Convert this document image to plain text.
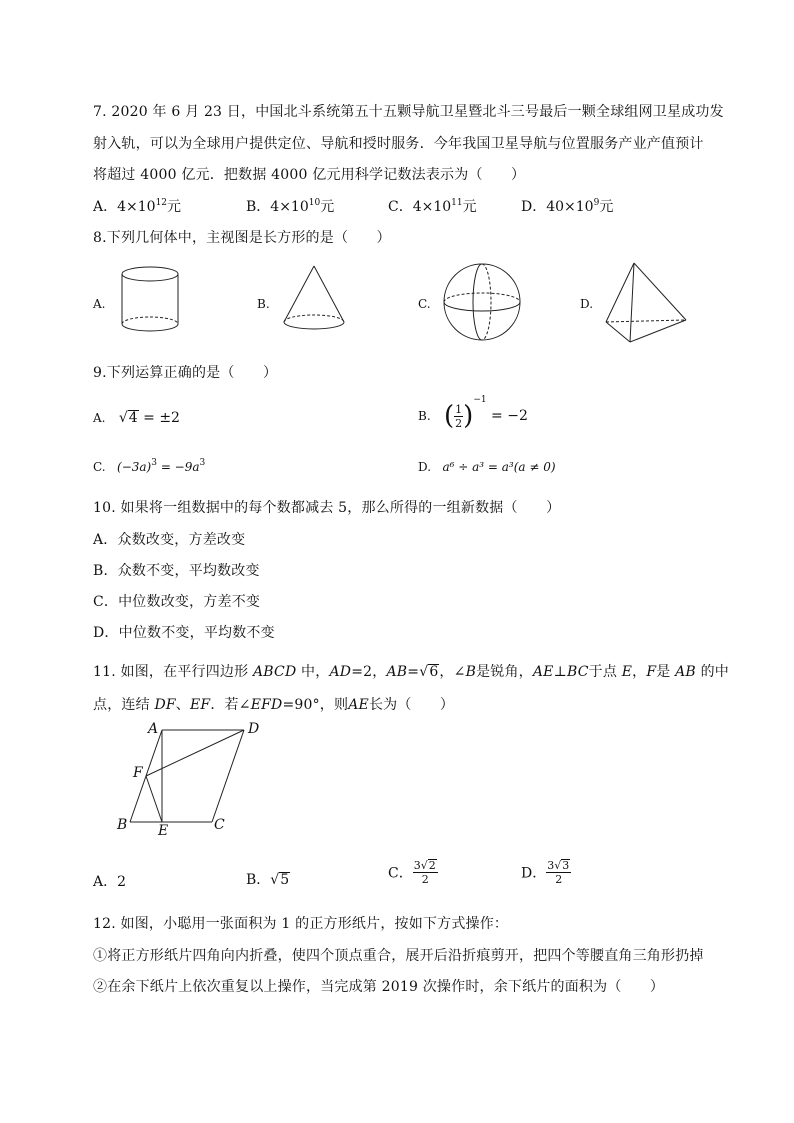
7. 2020 年 6 月 23 日，中国北斗系统第五十五颗导航卫星暨北斗三号最后一颗全球组网卫星成功发
射入轨，可以为全球用户提供定位、导航和授时服务．今年我国卫星导航与位置服务产业产值预计
将超过 4000 亿元．把数据 4000 亿元用科学记数法表示为（　　）
A．$4\times 10^{12}$元	B．$4\times 10^{10}$元	C．$4\times 10^{11}$元	D．$40\times 10^9$元
8.下列几何体中，主视图是长方形的是（　　）
A.	B.	C.	D.
9.下列运算正确的是（　　）
A. √4 = ±2	B. ( $\frac{1}{2} )^{-1} = -2$
C. $(-3a)^3 = -9a^3$	D. a⁶ ÷ a³ = a³(a ≠ 0)
10. 如果将一组数据中的每个数都减去 5，那么所得的一组新数据（　　）
A．众数改变，方差改变
B．众数不变，平均数改变
C．中位数改变，方差不变
D．中位数不变，平均数不变
11. 如图，在平行四边形 ABCD 中，AD=2，AB=√6，∠B是锐角，AE⊥BC于点 E，F是 AB 的中
点，连结 DF、EF．若∠EFD=90°，则AE长为（　　）
A	D
F
B E	C
A．2	B．√5	C． $\frac{3√2}{2}$	D． $\frac{3√3}{2}$
12. 如图，小聪用一张面积为 1 的正方形纸片，按如下方式操作：
①将正方形纸片四角向内折叠，使四个顶点重合，展开后沿折痕剪开，把四个等腰直角三角形扔掉
②在余下纸片上依次重复以上操作，当完成第 2019 次操作时，余下纸片的面积为（　　）
